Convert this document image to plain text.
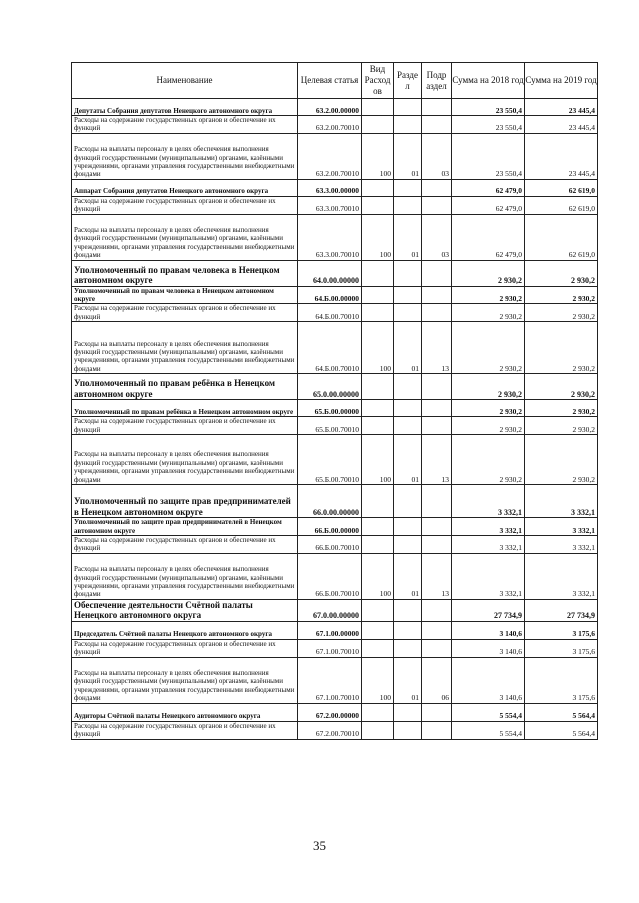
Наименование	Целевая статья	Вид Расход ов	Разде л	Подр аздел	Сумма на 2018 год	Сумма на 2019 год
Депутаты Собрания депутатов Ненецкого автономного округа	63.2.00.00000				23 550,4	23 445,4
Расходы на содержание государственных органов и обеспечение их функций	63.2.00.70010				23 550,4	23 445,4
Расходы на выплаты персоналу в целях обеспечения выполнения функций государственными (муниципальными) органами, казёнными учреждениями, органами управления государственными внебюджетными фондами	63.2.00.70010	100	01	03	23 550,4	23 445,4
Аппарат Собрания депутатов Ненецкого автономного округа	63.3.00.00000				62 479,0	62 619,0
Расходы на содержание государственных органов и обеспечение их функций	63.3.00.70010				62 479,0	62 619,0
Расходы на выплаты персоналу в целях обеспечения выполнения функций государственными (муниципальными) органами, казёнными учреждениями, органами управления государственными внебюджетными фондами	63.3.00.70010	100	01	03	62 479,0	62 619,0
Уполномоченный по правам человека в Ненецком автономном округе	64.0.00.00000				2 930,2	2 930,2
Уполномоченный по правам человека в Ненецком автономном округе	64.Б.00.00000				2 930,2	2 930,2
Расходы на содержание государственных органов и обеспечение их функций	64.Б.00.70010				2 930,2	2 930,2
Расходы на выплаты персоналу в целях обеспечения выполнения функций государственными (муниципальными) органами, казёнными учреждениями, органами управления государственными внебюджетными фондами	64.Б.00.70010	100	01	13	2 930,2	2 930,2
Уполномоченный по правам ребёнка в Ненецком автономном округе	65.0.00.00000				2 930,2	2 930,2
Уполномоченный по правам ребёнка в Ненецком автономном округе	65.Б.00.00000				2 930,2	2 930,2
Расходы на содержание государственных органов и обеспечение их функций	65.Б.00.70010				2 930,2	2 930,2
Расходы на выплаты персоналу в целях обеспечения выполнения функций государственными (муниципальными) органами, казёнными учреждениями, органами управления государственными внебюджетными фондами	65.Б.00.70010	100	01	13	2 930,2	2 930,2
Уполномоченный по защите прав предпринимателей в Ненецком автономном округе	66.0.00.00000				3 332,1	3 332,1
Уполномоченный по защите прав предпринимателей в Ненецком автономном округе	66.Б.00.00000				3 332,1	3 332,1
Расходы на содержание государственных органов и обеспечение их функций	66.Б.00.70010				3 332,1	3 332,1
Расходы на выплаты персоналу в целях обеспечения выполнения функций государственными (муниципальными) органами, казёнными учреждениями, органами управления государственными внебюджетными фондами	66.Б.00.70010	100	01	13	3 332,1	3 332,1
Обеспечение деятельности Счётной палаты Ненецкого автономного округа	67.0.00.00000				27 734,9	27 734,9
Председатель Счётной палаты Ненецкого автономного округа	67.1.00.00000				3 140,6	3 175,6
Расходы на содержание государственных органов и обеспечение их функций	67.1.00.70010				3 140,6	3 175,6
Расходы на выплаты персоналу в целях обеспечения выполнения функций государственными (муниципальными) органами, казёнными учреждениями, органами управления государственными внебюджетными фондами	67.1.00.70010	100	01	06	3 140,6	3 175,6
Аудиторы Счётной палаты Ненецкого автономного округа	67.2.00.00000				5 554,4	5 564,4
Расходы на содержание государственных органов и обеспечение их функций	67.2.00.70010				5 554,4	5 564,4
35
